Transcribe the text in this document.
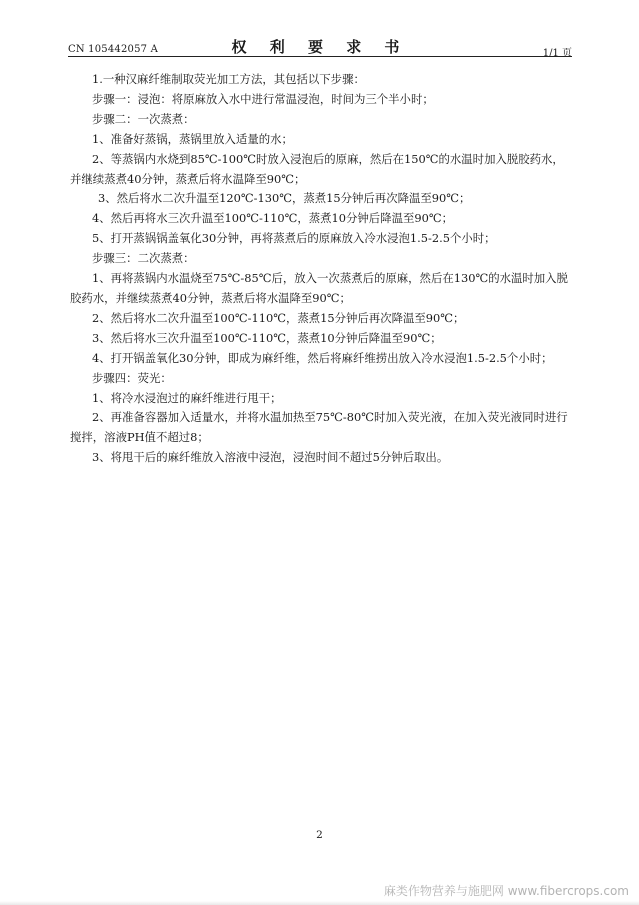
CN 105442057 A	权 利 要 求 书	1/1 页

1.一种汉麻纤维制取荧光加工方法，其包括以下步骤：

步骤一：浸泡：将原麻放入水中进行常温浸泡，时间为三个半小时；

步骤二：一次蒸煮：

1、准备好蒸锅，蒸锅里放入适量的水；

2、等蒸锅内水烧到85℃-100℃时放入浸泡后的原麻，然后在150℃的水温时加入脱胶药水，并继续蒸煮40分钟，蒸煮后将水温降至90℃；

3、然后将水二次升温至120℃-130℃，蒸煮15分钟后再次降温至90℃；

4、然后再将水三次升温至100℃-110℃，蒸煮10分钟后降温至90℃；

5、打开蒸锅锅盖氧化30分钟，再将蒸煮后的原麻放入冷水浸泡1.5-2.5个小时；

步骤三：二次蒸煮：

1、再将蒸锅内水温烧至75℃-85℃后，放入一次蒸煮后的原麻，然后在130℃的水温时加入脱胶药水，并继续蒸煮40分钟，蒸煮后将水温降至90℃；

2、然后将水二次升温至100℃-110℃，蒸煮15分钟后再次降温至90℃；

3、然后将水三次升温至100℃-110℃，蒸煮10分钟后降温至90℃；

4、打开锅盖氧化30分钟，即成为麻纤维，然后将麻纤维捞出放入冷水浸泡1.5-2.5个小时；

步骤四：荧光：

1、将冷水浸泡过的麻纤维进行甩干；

2、再准备容器加入适量水，并将水温加热至75℃-80℃时加入荧光液，在加入荧光液同时进行搅拌，溶液PH值不超过8；

3、将甩干后的麻纤维放入溶液中浸泡，浸泡时间不超过5分钟后取出。

2
麻类作物营养与施肥网 www.fibercrops.com
